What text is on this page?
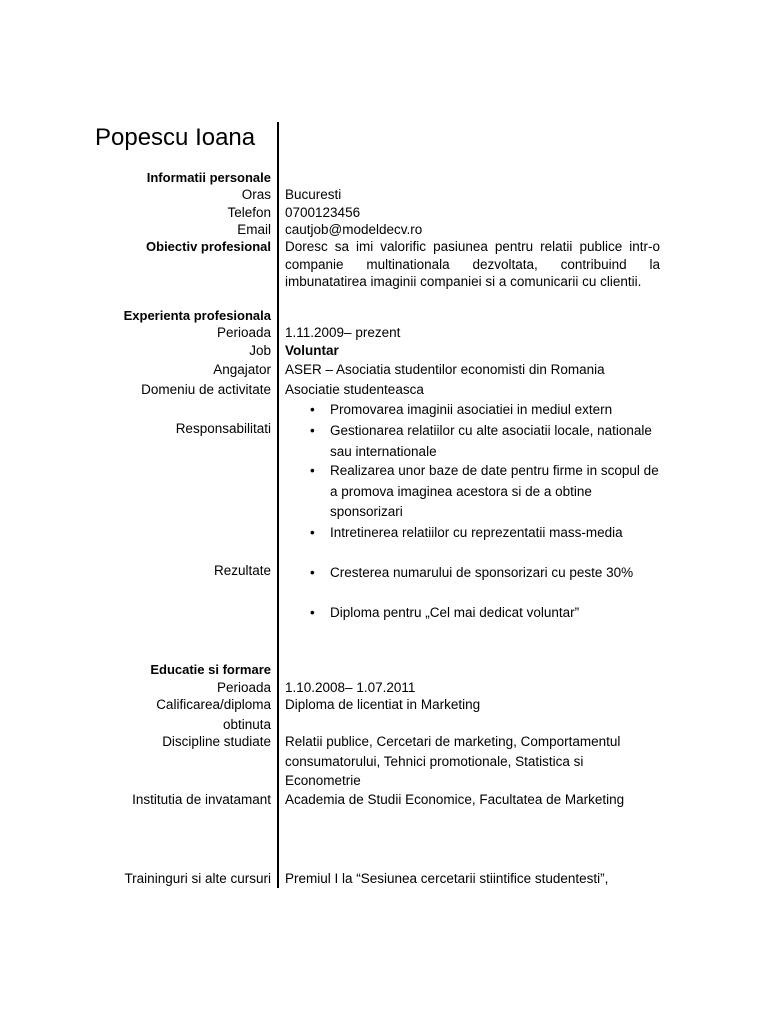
Popescu Ioana
Informatii personale
Oras Bucuresti
Telefon 0700123456
Email cautjob@modeldecv.ro
Obiectiv profesional Doresc sa imi valorific pasiunea pentru relatii publice intr-o companie multinationala dezvoltata, contribuind la imbunatatirea imaginii companiei si a comunicarii cu clientii.
Experienta profesionala
Perioada 1.11.2009– prezent
Job Voluntar
Angajator ASER – Asociatia studentilor economisti din Romania
Domeniu de activitate Asociatie studenteasca
Responsabilitati
• Promovarea imaginii asociatiei in mediul extern
• Gestionarea relatiilor cu alte asociatii locale, nationale sau internationale
• Realizarea unor baze de date pentru firme in scopul de a promova imaginea acestora si de a obtine sponsorizari
• Intretinerea relatiilor cu reprezentatii mass-media
Rezultate	• Cresterea numarului de sponsorizari cu peste 30%
• Diploma pentru „Cel mai dedicat voluntar”
Educatie si formare
Perioada 1.10.2008– 1.07.2011
Calificarea/diploma
obtinuta
Diploma de licentiat in Marketing
Discipline studiate Relatii publice, Cercetari de marketing, Comportamentul consumatorului, Tehnici promotionale, Statistica si Econometrie
Institutia de invatamant Academia de Studii Economice, Facultatea de Marketing
Traininguri si alte cursuri Premiul I la “Sesiunea cercetarii stiintifice studentesti”,
